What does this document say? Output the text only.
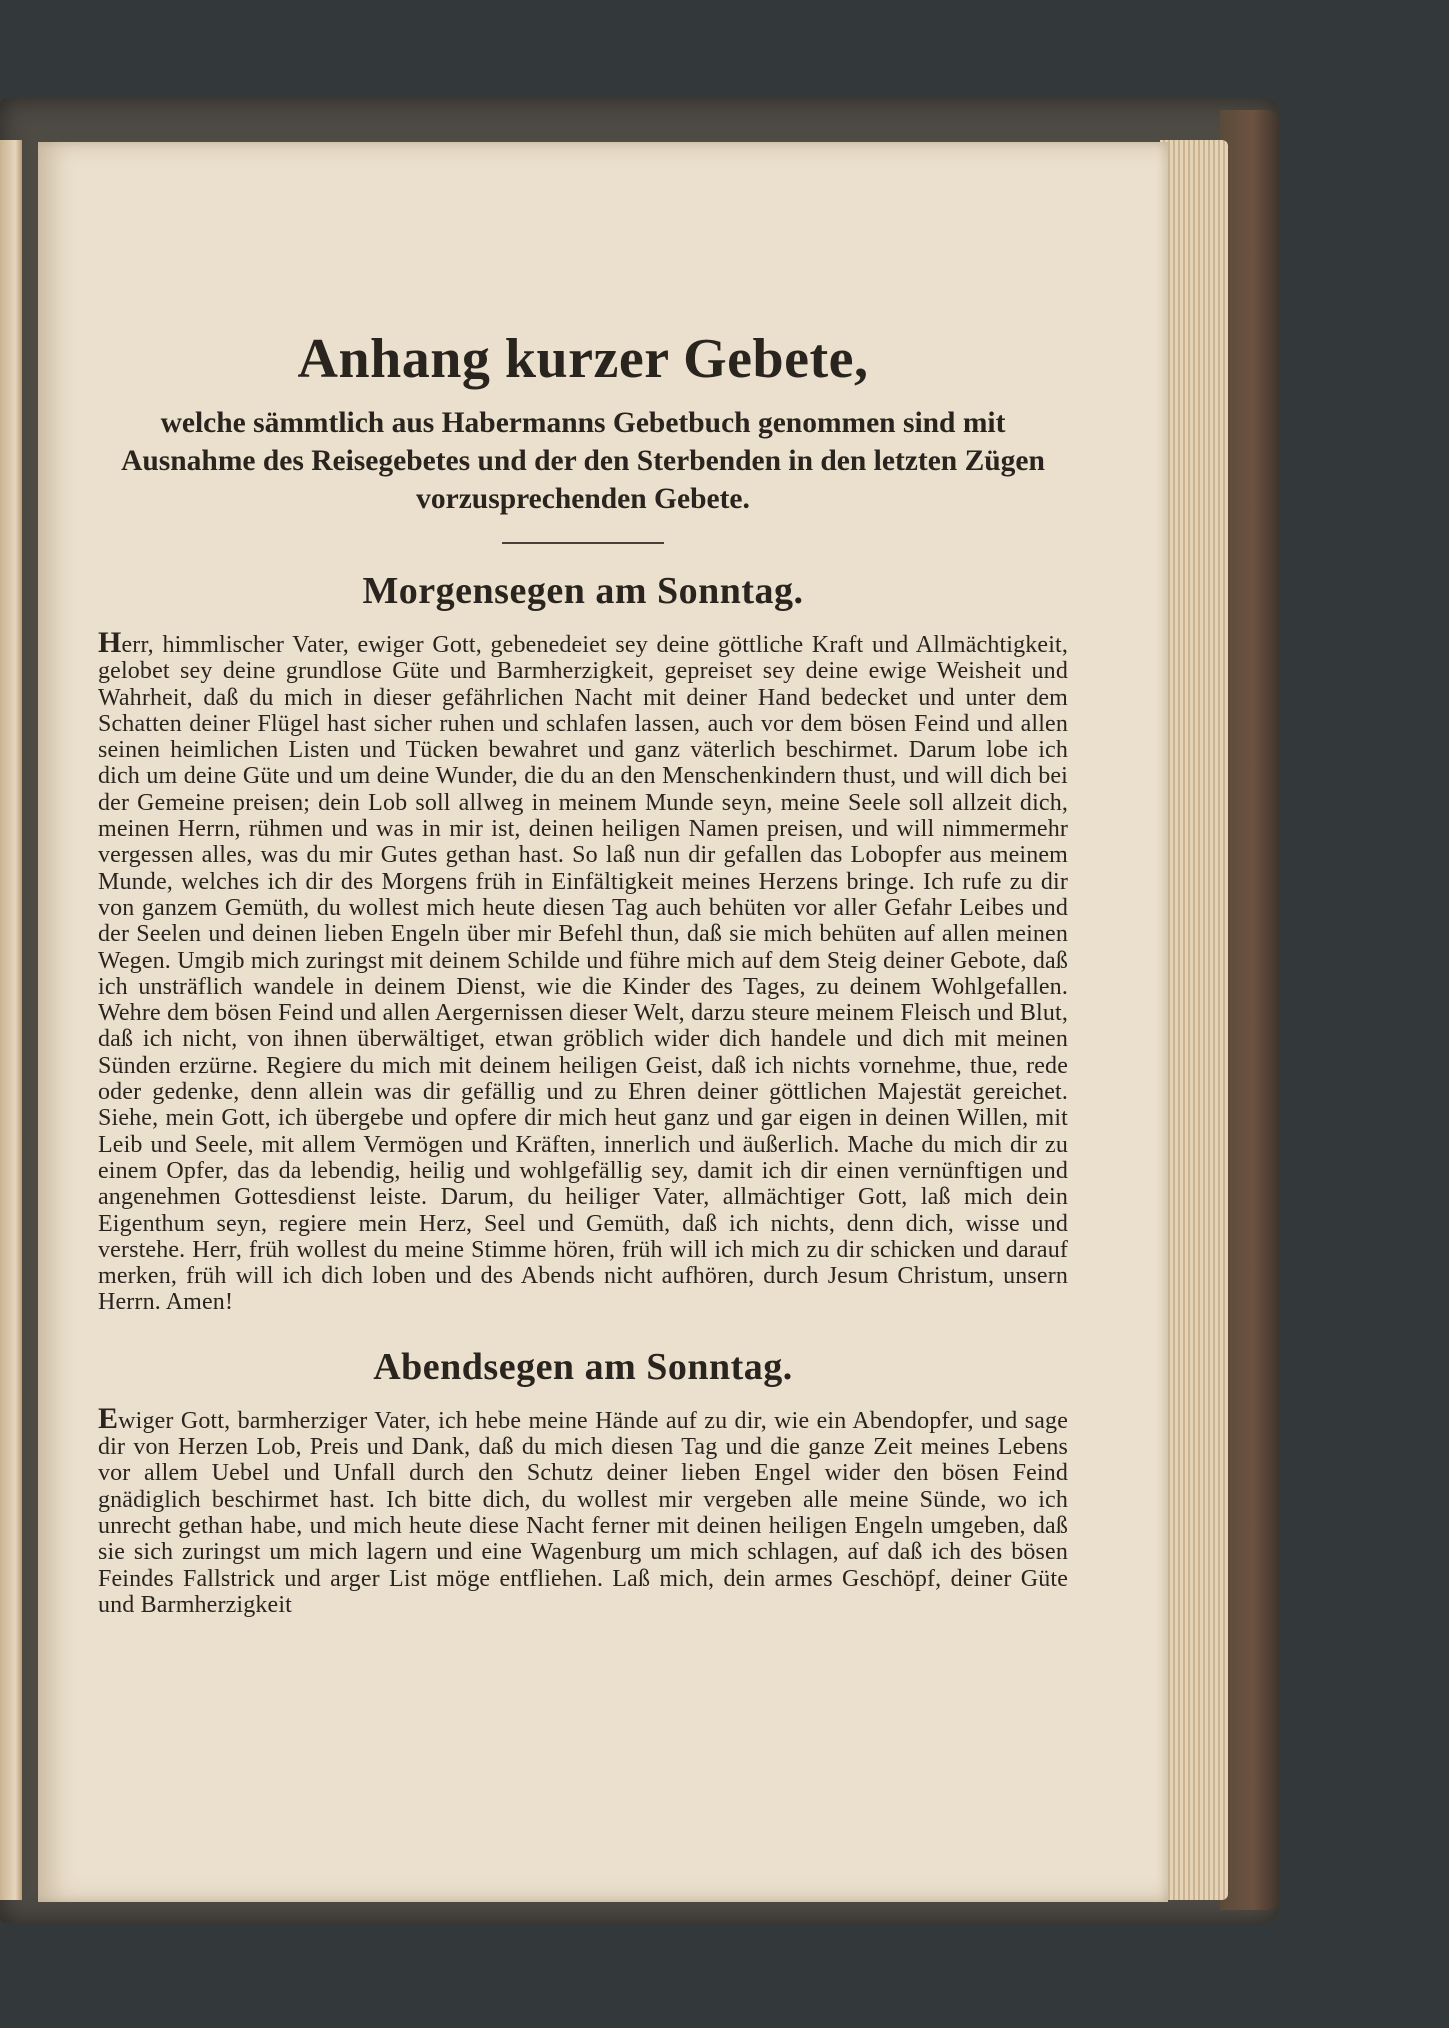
Anhang kurzer Gebete,

welche sämmtlich aus Habermanns Gebetbuch genommen sind mit Ausnahme des Reisegebetes und der den Sterbenden in den letzten Zügen vorzusprechenden Gebete.

Morgensegen am Sonntag.

Herr, himmlischer Vater, ewiger Gott, gebenedeiet sey deine göttliche Kraft und Allmächtigkeit, gelobet sey deine grundlose Güte und Barmherzigkeit, gepreiset sey deine ewige Weisheit und Wahrheit, daß du mich in dieser gefährlichen Nacht mit deiner Hand bedecket und unter dem Schatten deiner Flügel hast sicher ruhen und schlafen lassen, auch vor dem bösen Feind und allen seinen heimlichen Listen und Tücken bewahret und ganz väterlich beschirmet. Darum lobe ich dich um deine Güte und um deine Wunder, die du an den Menschenkindern thust, und will dich bei der Gemeine preisen; dein Lob soll allweg in meinem Munde seyn, meine Seele soll allzeit dich, meinen Herrn, rühmen und was in mir ist, deinen heiligen Namen preisen, und will nimmermehr vergessen alles, was du mir Gutes gethan hast. So laß nun dir gefallen das Lobopfer aus meinem Munde, welches ich dir des Morgens früh in Einfältigkeit meines Herzens bringe. Ich rufe zu dir von ganzem Gemüth, du wollest mich heute diesen Tag auch behüten vor aller Gefahr Leibes und der Seelen und deinen lieben Engeln über mir Befehl thun, daß sie mich behüten auf allen meinen Wegen. Umgib mich zuringst mit deinem Schilde und führe mich auf dem Steig deiner Gebote, daß ich unsträflich wandele in deinem Dienst, wie die Kinder des Tages, zu deinem Wohlgefallen. Wehre dem bösen Feind und allen Aergernissen dieser Welt, darzu steure meinem Fleisch und Blut, daß ich nicht, von ihnen überwältiget, etwan gröblich wider dich handele und dich mit meinen Sünden erzürne. Regiere du mich mit deinem heiligen Geist, daß ich nichts vornehme, thue, rede oder gedenke, denn allein was dir gefällig und zu Ehren deiner göttlichen Majestät gereichet. Siehe, mein Gott, ich übergebe und opfere dir mich heut ganz und gar eigen in deinen Willen, mit Leib und Seele, mit allem Vermögen und Kräften, innerlich und äußerlich. Mache du mich dir zu einem Opfer, das da lebendig, heilig und wohlgefällig sey, damit ich dir einen vernünftigen und angenehmen Gottesdienst leiste. Darum, du heiliger Vater, allmächtiger Gott, laß mich dein Eigenthum seyn, regiere mein Herz, Seel und Gemüth, daß ich nichts, denn dich, wisse und verstehe. Herr, früh wollest du meine Stimme hören, früh will ich mich zu dir schicken und darauf merken, früh will ich dich loben und des Abends nicht aufhören, durch Jesum Christum, unsern Herrn. Amen!

Abendsegen am Sonntag.

Ewiger Gott, barmherziger Vater, ich hebe meine Hände auf zu dir, wie ein Abendopfer, und sage dir von Herzen Lob, Preis und Dank, daß du mich diesen Tag und die ganze Zeit meines Lebens vor allem Uebel und Unfall durch den Schutz deiner lieben Engel wider den bösen Feind gnädiglich beschirmet hast. Ich bitte dich, du wollest mir vergeben alle meine Sünde, wo ich unrecht gethan habe, und mich heute diese Nacht ferner mit deinen heiligen Engeln umgeben, daß sie sich zuringst um mich lagern und eine Wagenburg um mich schlagen, auf daß ich des bösen Feindes Fallstrick und arger List möge entfliehen. Laß mich, dein armes Geschöpf, deiner Güte und Barmherzigkeit
